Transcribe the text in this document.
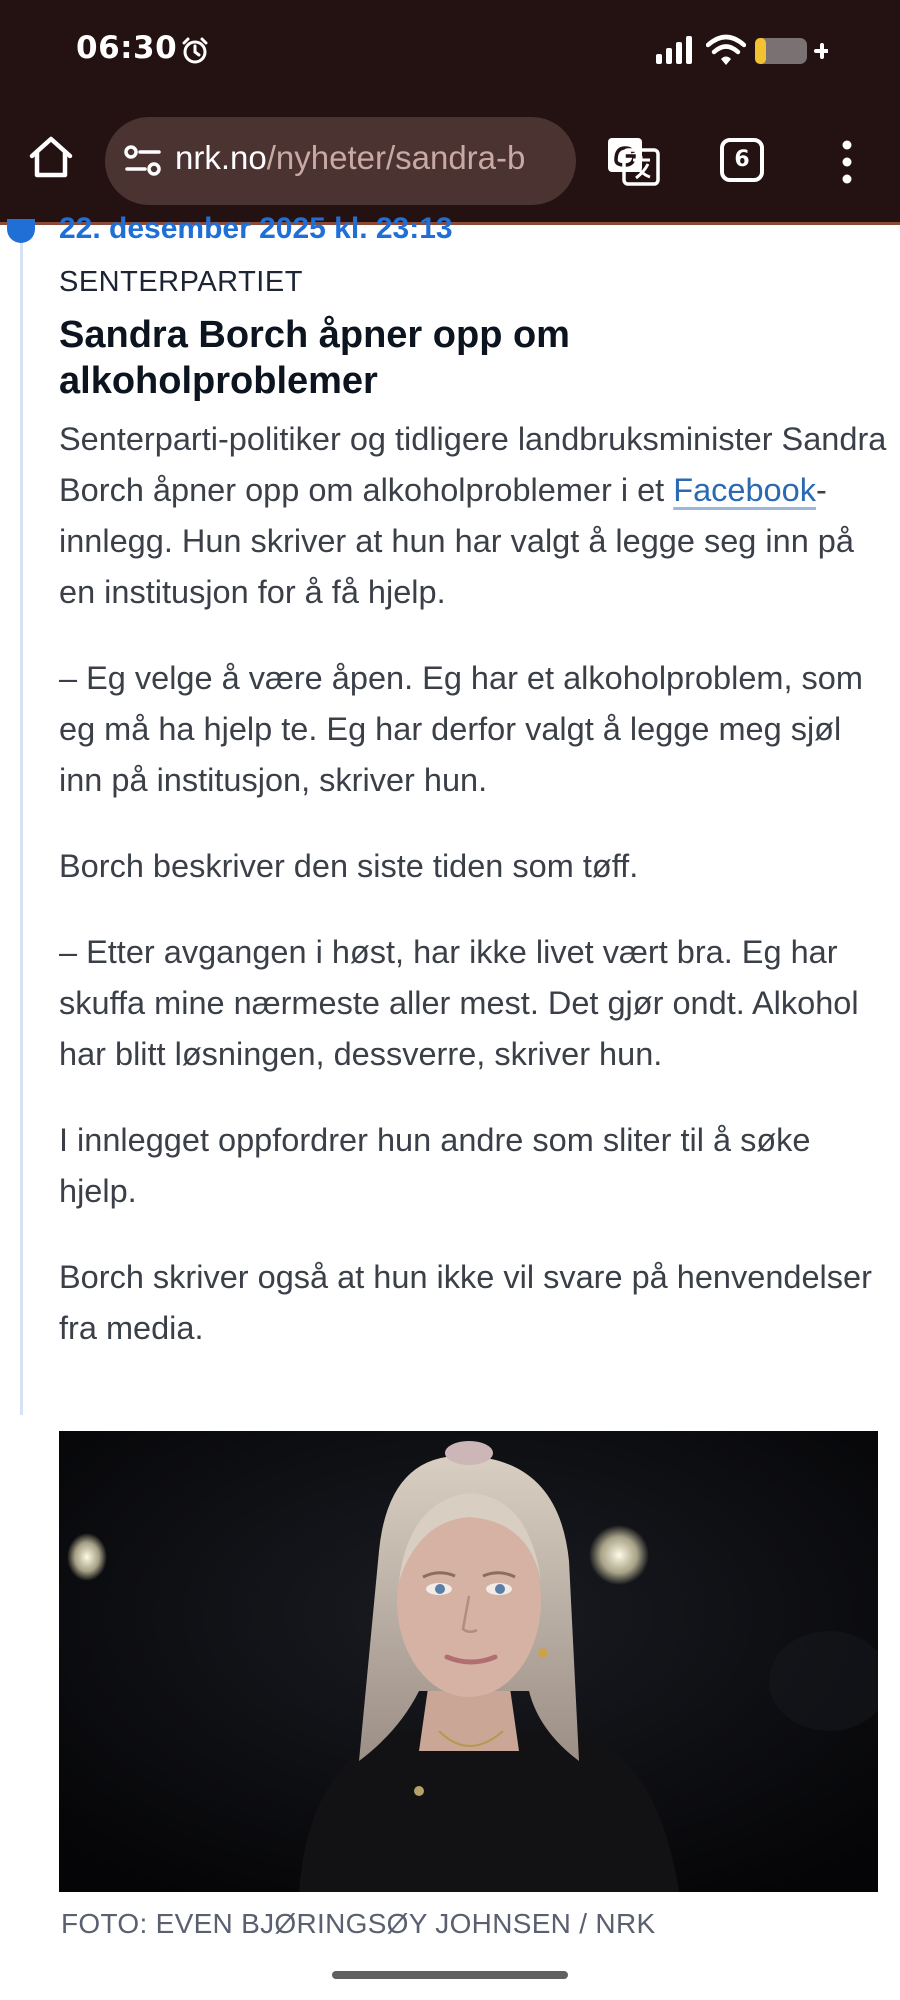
06:30
nrk.no/nyheter/sandra-b	6
22. desember 2025 kl. 23:13
SENTERPARTIET
Sandra Borch åpner opp om alkoholproblemer

Senterparti-politiker og tidligere landbruksminister Sandra Borch åpner opp om alkoholproblemer i et Facebook-innlegg. Hun skriver at hun har valgt å legge seg inn på en institusjon for å få hjelp.

– Eg velge å være åpen. Eg har et alkoholproblem, som eg må ha hjelp te. Eg har derfor valgt å legge meg sjøl inn på institusjon, skriver hun.

Borch beskriver den siste tiden som tøff.

– Etter avgangen i høst, har ikke livet vært bra. Eg har skuffa mine nærmeste aller mest. Det gjør ondt. Alkohol har blitt løsningen, dessverre, skriver hun.

I innlegget oppfordrer hun andre som sliter til å søke hjelp.

Borch skriver også at hun ikke vil svare på henvendelser fra media.

FOTO: EVEN BJØRINGSØY JOHNSEN / NRK
